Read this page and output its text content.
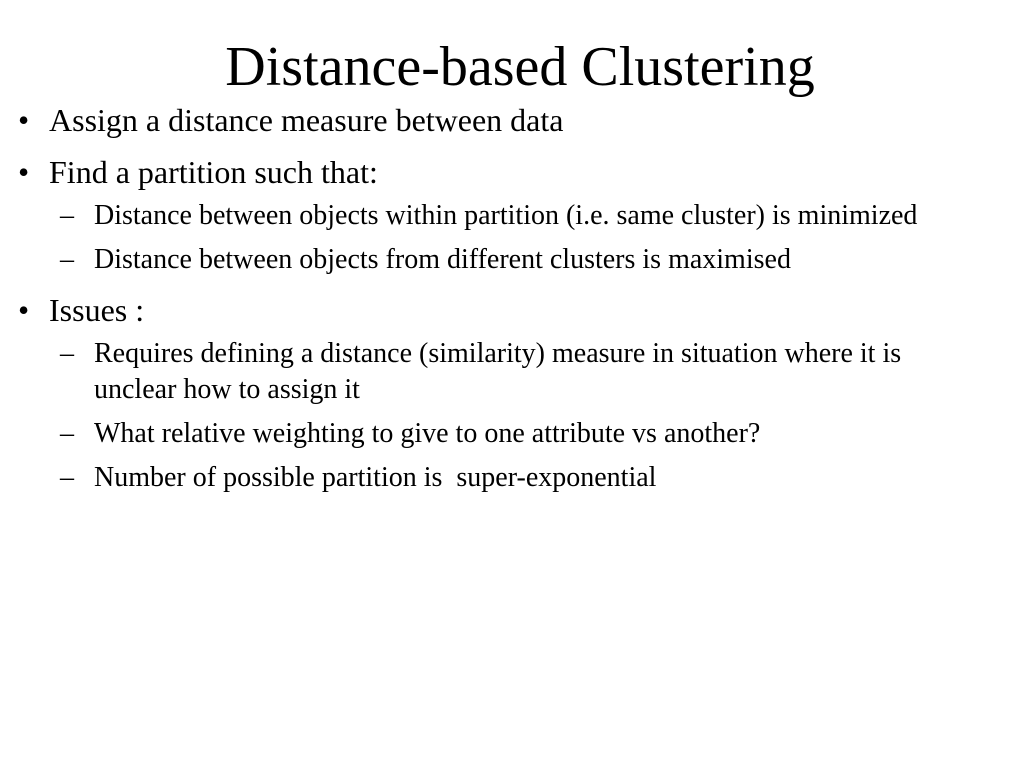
Distance-based Clustering
• Assign a distance measure between data
• Find a partition such that:
– Distance between objects within partition (i.e. same cluster) is minimized
– Distance between objects from different clusters is maximised
• Issues :
– Requires defining a distance (similarity) measure in situation where it is unclear how to assign it
– What relative weighting to give to one attribute vs another?
– Number of possible partition is  super-exponential
